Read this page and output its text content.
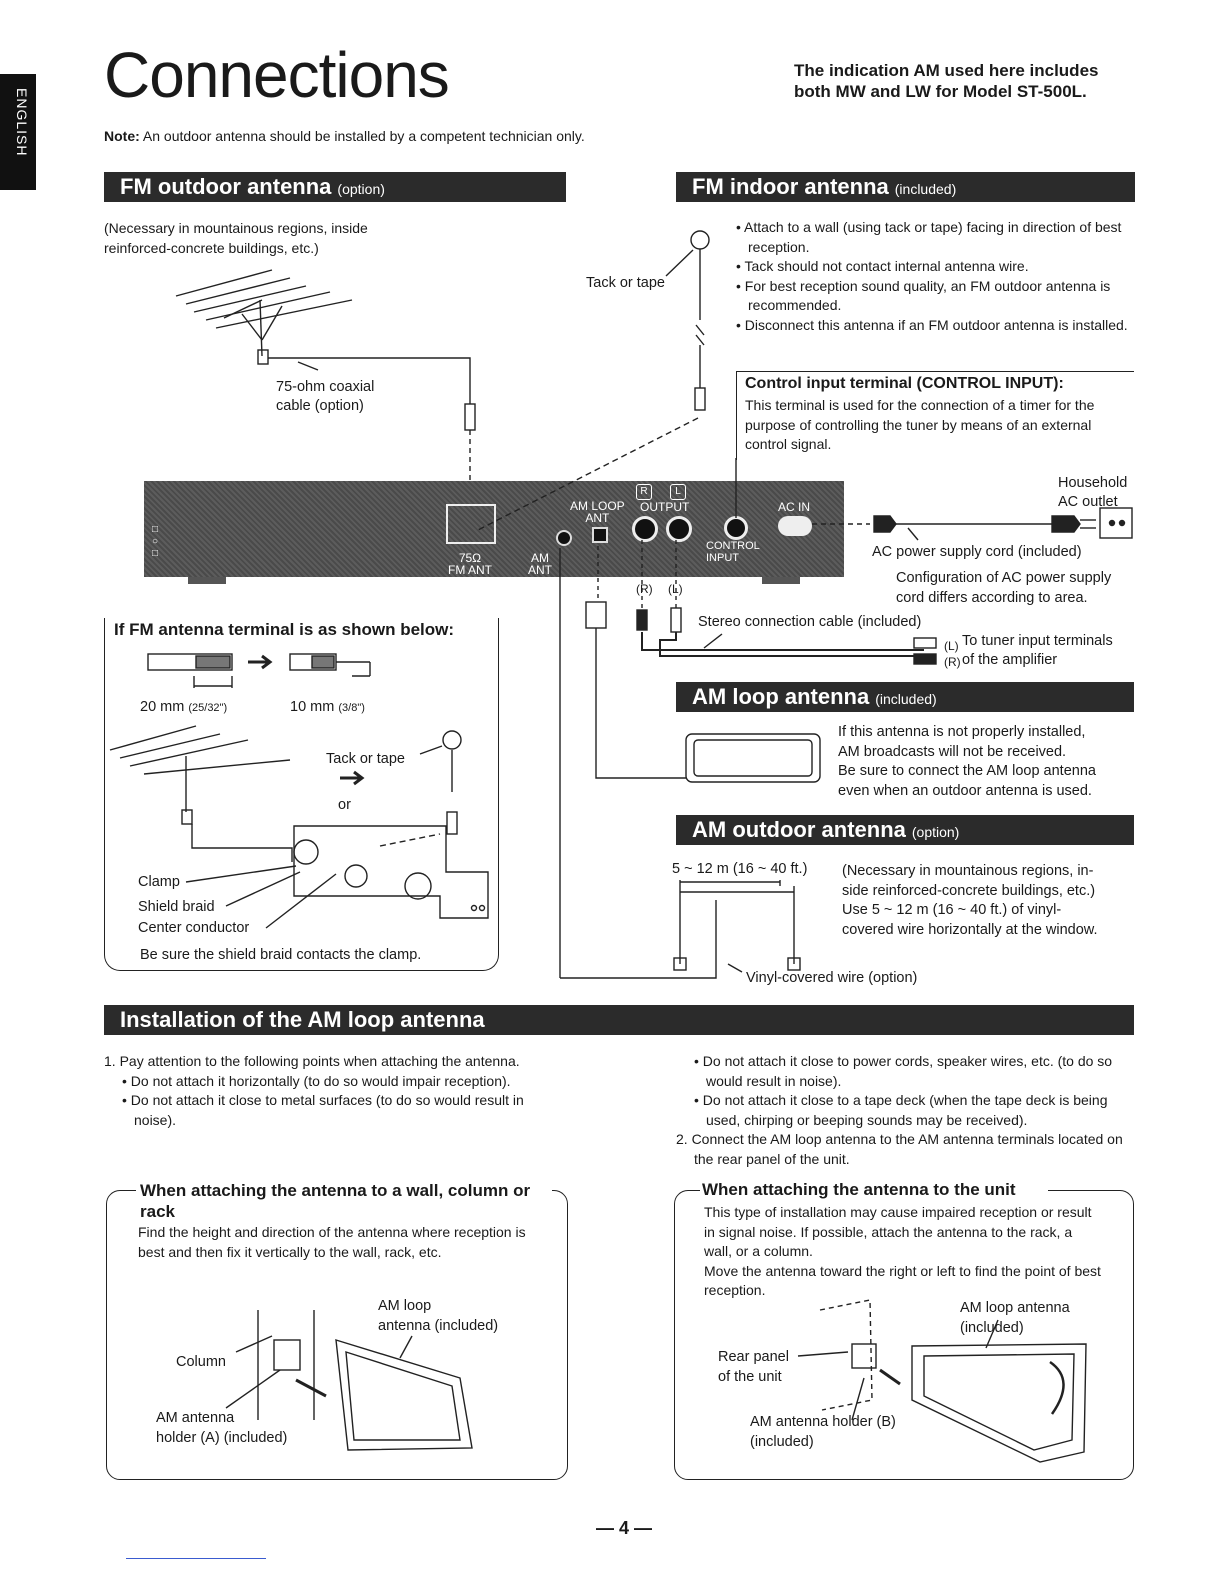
ENGLISH
Connections	The indication AM used here includes
both MW and LW for Model ST-500L.
Note: An outdoor antenna should be installed by a competent technician only.
FM outdoor antenna (option)
(Necessary in mountainous regions, inside
reinforced-concrete buildings, etc.)
75-ohm coaxial
cable (option)
FM indoor antenna (included)
Tack or tape
• Attach to a wall (using tack or tape) facing in direction of best reception.
• Tack should not contact internal antenna wire.
• For best reception sound quality, an FM outdoor antenna is recommended.
• Disconnect this antenna if an FM outdoor antenna is installed.
Control input terminal (CONTROL INPUT):
This terminal is used for the connection of a timer for the purpose of controlling the tuner by means of an external control signal.
□
○
□	75Ω
FM ANT
AM
ANT
AM LOOP
ANT
OUTPUT
R	L
CONTROL
INPUT
AC IN
Household
AC outlet
AC power supply cord (included)
Configuration of AC power supply
cord differs according to area.
(R) (L)
Stereo connection cable (included)
(L)
(R)
To tuner input terminals
of the amplifier
If FM antenna terminal is as shown below:
20 mm (25/32")	10 mm (3/8")
Tack or tape
or
Clamp
Shield braid
Center conductor
Be sure the shield braid contacts the clamp.
AM loop antenna (included)
If this antenna is not properly installed,
AM broadcasts will not be received.
Be sure to connect the AM loop antenna
even when an outdoor antenna is used.
AM outdoor antenna (option)
5 ~ 12 m (16 ~ 40 ft.) (Necessary in mountainous regions, in-
side reinforced-concrete buildings, etc.)
Use 5 ~ 12 m (16 ~ 40 ft.) of vinyl-
covered wire horizontally at the window.
Vinyl-covered wire (option)
Installation of the AM loop antenna
1. Pay attention to the following points when attaching the antenna.
• Do not attach it horizontally (to do so would impair reception).
• Do not attach it close to metal surfaces (to do so would result in noise).
• Do not attach it close to power cords, speaker wires, etc. (to do so would result in noise).
• Do not attach it close to a tape deck (when the tape deck is being used, chirping or beeping sounds may be received).
2. Connect the AM loop antenna to the AM antenna terminals located on the rear panel of the unit.
When attaching the antenna to a wall, column or rack
Find the height and direction of the antenna where reception is best and then fix it vertically to the wall, rack, etc.
AM loop
antenna (included)
Column
AM antenna
holder (A) (included)
When attaching the antenna to the unit
This type of installation may cause impaired reception or result in signal noise. If possible, attach the antenna to the rack, a wall, or a column.
Move the antenna toward the right or left to find the point of best reception.
AM loop antenna
(included)
Rear panel
of the unit
AM antenna holder (B)
(included)
— 4 —
